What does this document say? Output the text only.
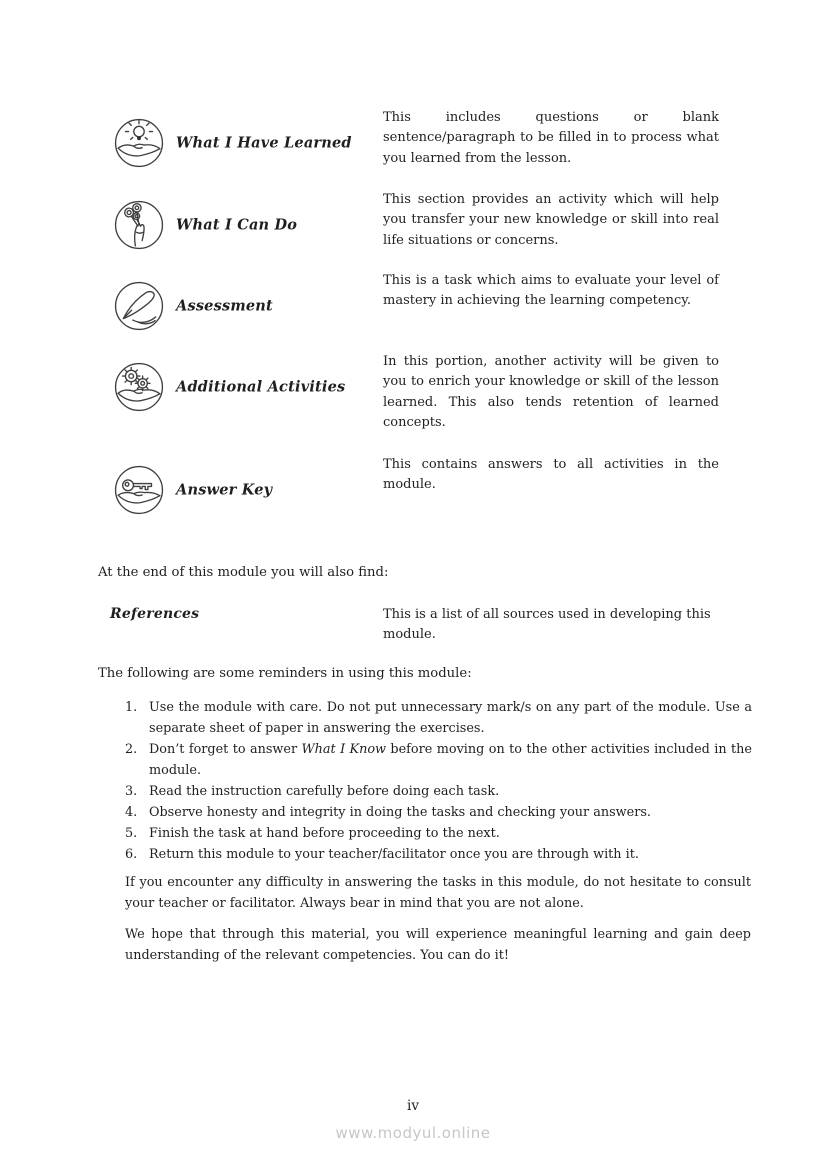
What I Have Learned
This includes questions or blank sentence/paragraph to be filled in to process what you learned from the lesson.
What I Can Do
This section provides an activity which will help you transfer your new knowledge or skill into real life situations or concerns.
Assessment
This is a task which aims to evaluate your level of mastery in achieving the learning competency.
Additional Activities
In this portion, another activity will be given to you to enrich your knowledge or skill of the lesson learned. This also tends retention of learned concepts.
Answer Key
This contains answers to all activities in the module.
At the end of this module you will also find:
References	This is a list of all sources used in developing this module.
The following are some reminders in using this module:
1. Use the module with care. Do not put unnecessary mark/s on any part of the module. Use a separate sheet of paper in answering the exercises.
2. Don’t forget to answer What I Know before moving on to the other activities included in the module.
3. Read the instruction carefully before doing each task.
4. Observe honesty and integrity in doing the tasks and checking your answers.
5. Finish the task at hand before proceeding to the next.
6. Return this module to your teacher/facilitator once you are through with it.
If you encounter any difficulty in answering the tasks in this module, do not hesitate to consult your teacher or facilitator. Always bear in mind that you are not alone.
We hope that through this material, you will experience meaningful learning and gain deep understanding of the relevant competencies. You can do it!
iv
www.modyul.online
